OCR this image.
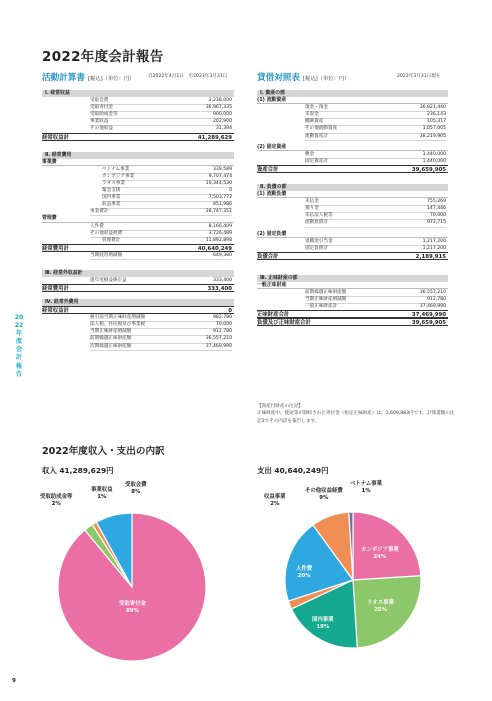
2022年度会計報告
2022年度会計報告
9
活動計算書 [税込]（単位：円）	自2022年4月1日　至2023年3月31日	貸借対照表 [税込]（単位：円）	2023年3月31日現在
Ⅰ. 経常収益
受取会費	3,238,000
受取寄付金	36,967,335
受取助成金等	900,000
事業収益	202,900
その他収益	31,394
経常収益計	41,289,629
Ⅱ. 経常費用
事業費
ベトナム事業	339,589
カンボジア事業	9,707,474
ラオス事業	10,344,530
緊急支援	0
国内事業	7,503,772
収益事業	851,986
事業費計	28,747,351
管理費
人件費	8,166,409
その他収益経費	3,726,489
管理費計	11,892,898
経常費用計	40,640,249
当期経常増減額	649,380
Ⅲ. 経常外収益計
過年度損益修正益	333,400
経常費用計	333,400
Ⅳ. 経常外費用
経常収益計	0
税引前当期正味財産増減額	982,780
法人税、住民税及び事業税	70,000
当期正味財産増減額	912,780
前期繰越正味財産額	36,557,210
次期繰越正味財産額	37,469,990
Ⅰ. 資産の部
(1) 流動資産
現金・預金	36,821,440
未収金	236,143
棚卸資産	105,317
その他流動資産	1,057,005
流動資産計	38,219,905
(2) 固定資産
敷金	1,440,000
固定資産計	1,440,000
資産合計	39,659,905
Ⅱ. 負債の部
(1) 流動負債
未払金	755,269
預り金	147,446
未払法人税等	70,000
流動負債計	972,715
(2) 固定負債
退職金引当金	1,217,200
固定負債計	1,217,200
負債合計	2,189,915
Ⅲ. 正味財産の部
一般正味財産
前期繰越正味財産額	36,557,210
当期正味財産増減額	912,780
一般正味財産計	37,469,990
正味財産合計	37,469,990
負債及び正味財産合計	39,659,905
【資産付財産の注記】
正味財産中、使途等が制約された寄付金（指定正味財産）は、1,609,883円です。計算書類の注記2でその内訳を報告します。
2022年度収入・支出の内訳
収入 41,289,629円	支出 40,640,249円
受取助成金等
2%
事業収益
1%
受取会費
8%
受取寄付金
89%
収益事業
2%
その他収益経費
9%
ベトナム事業
1%
カンボジア事業
24%
ラオス事業
25%
国内事業
19%
人件費
20%
